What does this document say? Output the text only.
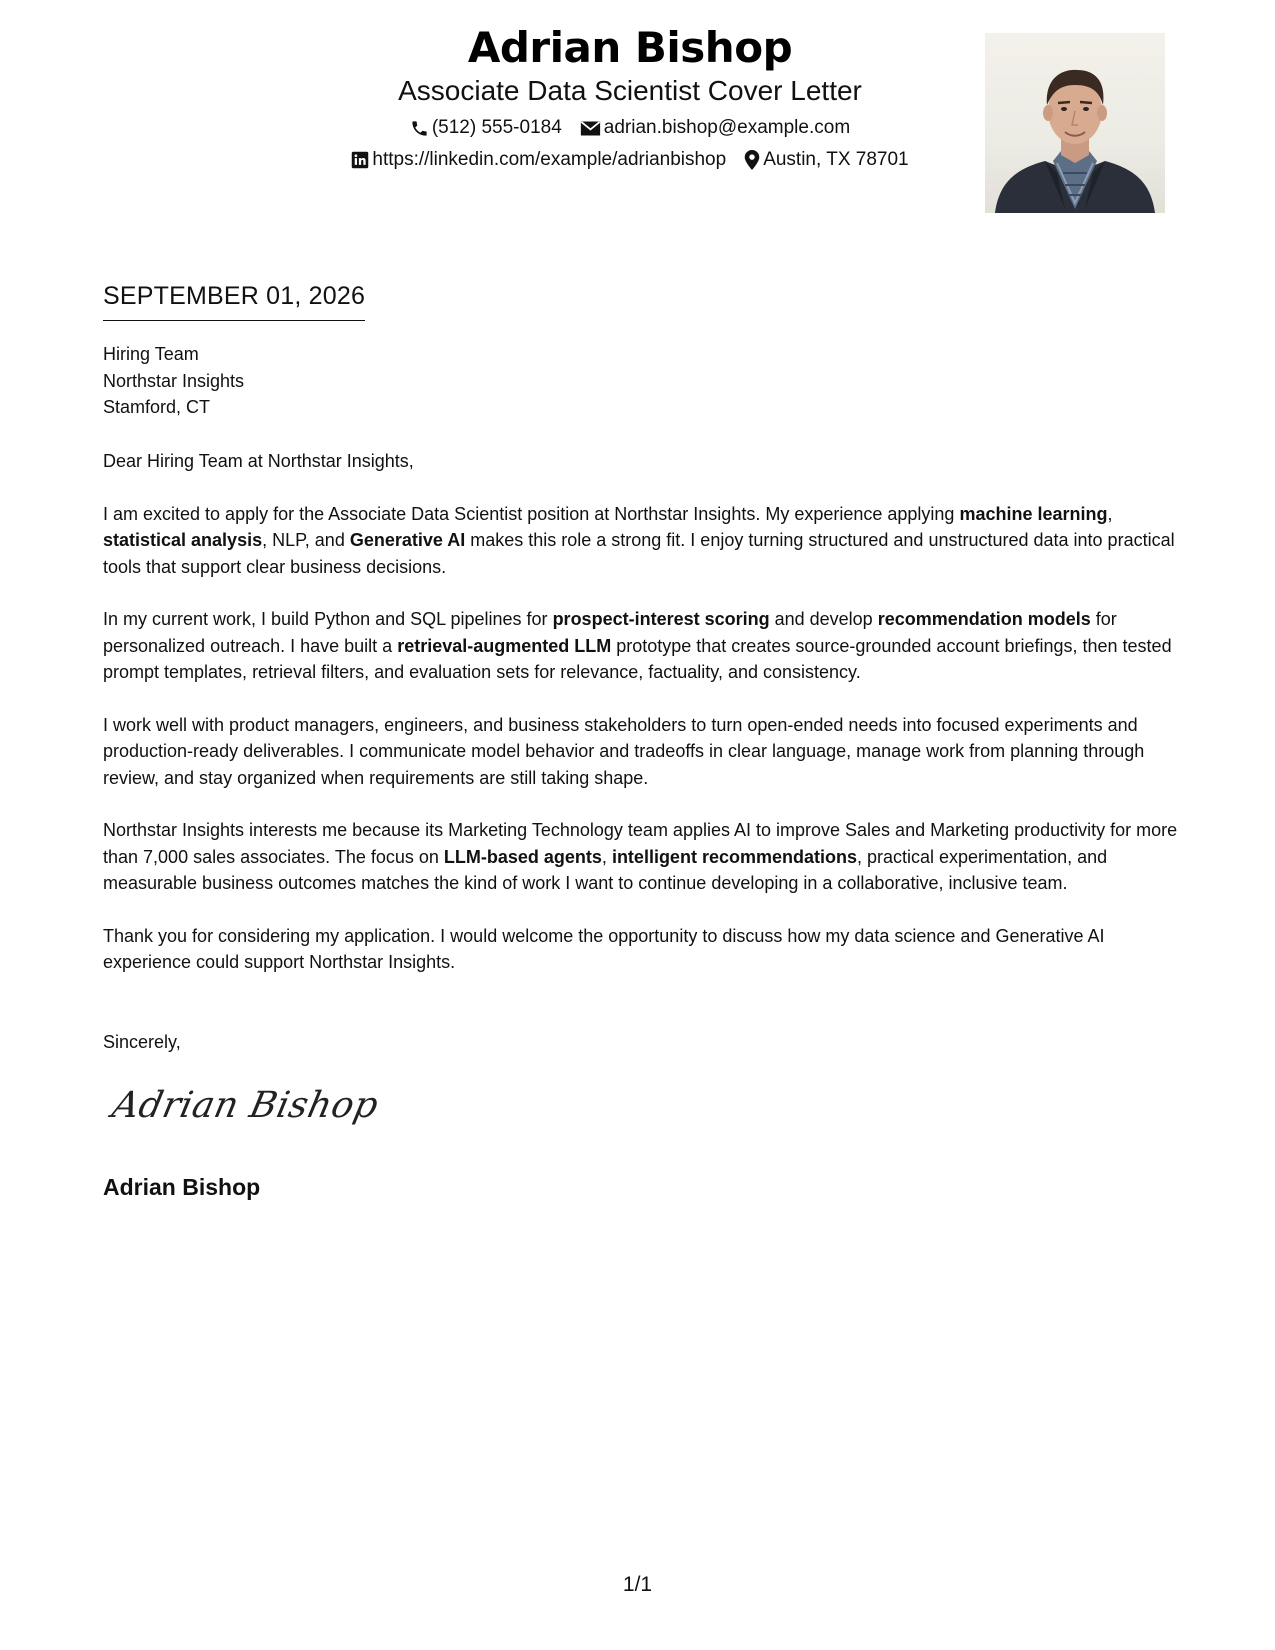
Adrian Bishop
Associate Data Scientist Cover Letter
(512) 555-0184 adrian.bishop@example.com
https://linkedin.com/example/adrianbishop Austin, TX 78701
SEPTEMBER 01, 2026
Hiring Team
Northstar Insights
Stamford, CT

Dear Hiring Team at Northstar Insights,

I am excited to apply for the Associate Data Scientist position at Northstar Insights. My experience applying machine learning, statistical analysis, NLP, and Generative AI makes this role a strong fit. I enjoy turning structured and unstructured data into practical tools that support clear business decisions.

In my current work, I build Python and SQL pipelines for prospect-interest scoring and develop recommendation models for personalized outreach. I have built a retrieval-augmented LLM prototype that creates source-grounded account briefings, then tested prompt templates, retrieval filters, and evaluation sets for relevance, factuality, and consistency.

I work well with product managers, engineers, and business stakeholders to turn open-ended needs into focused experiments and production-ready deliverables. I communicate model behavior and tradeoffs in clear language, manage work from planning through review, and stay organized when requirements are still taking shape.

Northstar Insights interests me because its Marketing Technology team applies AI to improve Sales and Marketing productivity for more than 7,000 sales associates. The focus on LLM-based agents, intelligent recommendations, practical experimentation, and measurable business outcomes matches the kind of work I want to continue developing in a collaborative, inclusive team.

Thank you for considering my application. I would welcome the opportunity to discuss how my data science and Generative AI experience could support Northstar Insights.

Sincerely,
Adrian Bishop
Adrian Bishop
1/1
